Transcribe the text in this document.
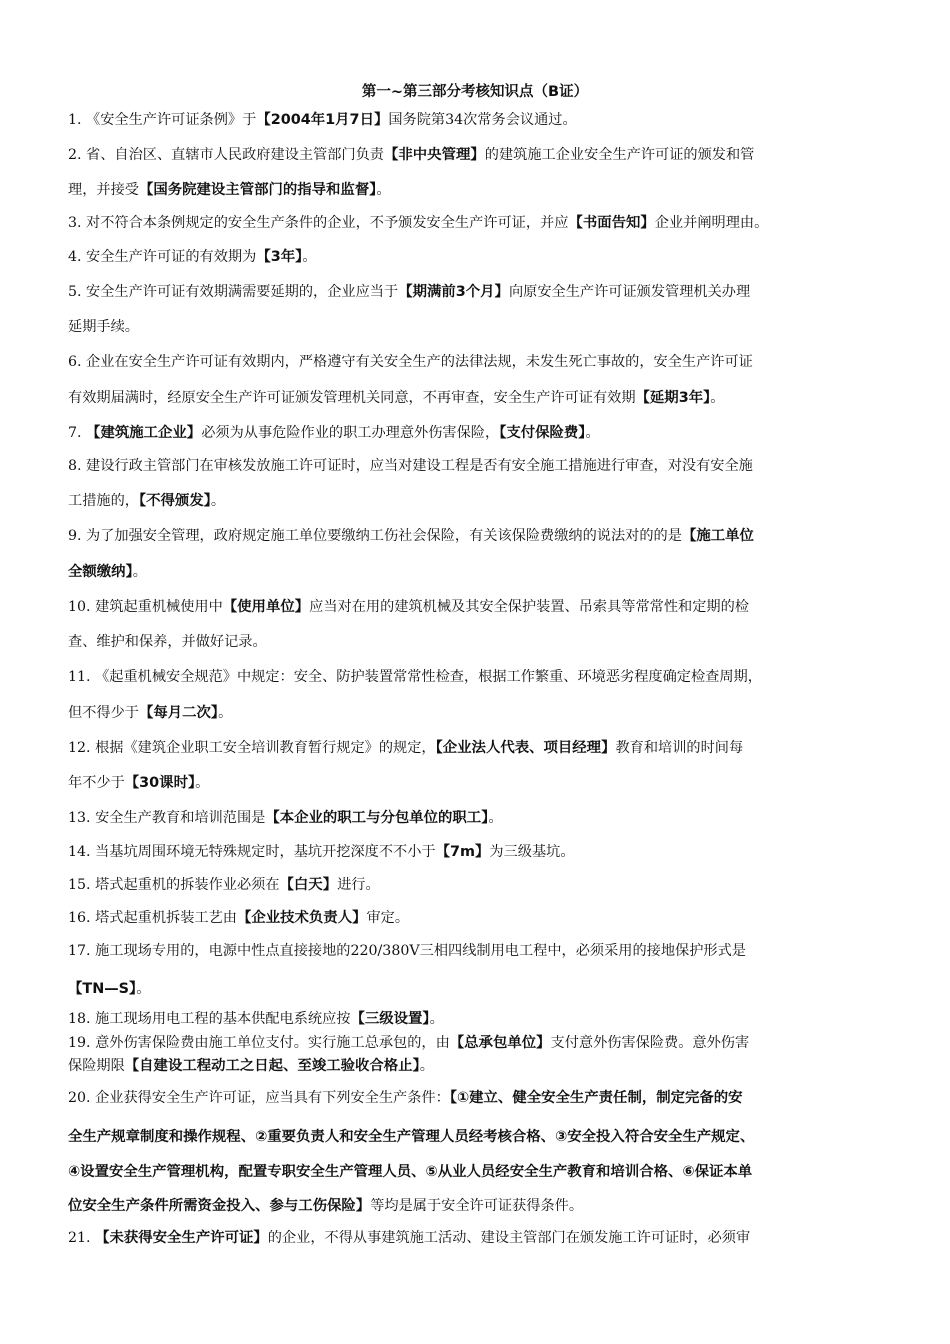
第一~第三部分考核知识点（B证）
1. 《安全生产许可证条例》于【2004年1月7日】国务院第34次常务会议通过。
2. 省、自治区、直辖市人民政府建设主管部门负责【非中央管理】的建筑施工企业安全生产许可证的颁发和管
理，并接受【国务院建设主管部门的指导和监督】。
3. 对不符合本条例规定的安全生产条件的企业，不予颁发安全生产许可证，并应【书面告知】企业并阐明理由。
4. 安全生产许可证的有效期为【3年】。
5. 安全生产许可证有效期满需要延期的，企业应当于【期满前3个月】向原安全生产许可证颁发管理机关办理
延期手续。
6. 企业在安全生产许可证有效期内，严格遵守有关安全生产的法律法规，未发生死亡事故的，安全生产许可证
有效期届满时，经原安全生产许可证颁发管理机关同意，不再审查，安全生产许可证有效期【延期3年】。
7. 【建筑施工企业】必须为从事危险作业的职工办理意外伤害保险，【支付保险费】。
8. 建设行政主管部门在审核发放施工许可证时，应当对建设工程是否有安全施工措施进行审查，对没有安全施
工措施的，【不得颁发】。
9. 为了加强安全管理，政府规定施工单位要缴纳工伤社会保险，有关该保险费缴纳的说法对的的是【施工单位
全额缴纳】。
10. 建筑起重机械使用中【使用单位】应当对在用的建筑机械及其安全保护装置、吊索具等常常性和定期的检
查、维护和保养，并做好记录。
11. 《起重机械安全规范》中规定：安全、防护装置常常性检查，根据工作繁重、环境恶劣程度确定检查周期，
但不得少于【每月二次】。
12. 根据《建筑企业职工安全培训教育暂行规定》的规定，【企业法人代表、项目经理】教育和培训的时间每
年不少于【30课时】。
13. 安全生产教育和培训范围是【本企业的职工与分包单位的职工】。
14. 当基坑周围环境无特殊规定时，基坑开挖深度不不小于【7m】为三级基坑。
15. 塔式起重机的拆装作业必须在【白天】进行。
16. 塔式起重机拆装工艺由【企业技术负责人】审定。
17. 施工现场专用的，电源中性点直接接地的220/380V三相四线制用电工程中，必须采用的接地保护形式是
【TN—S】。
18. 施工现场用电工程的基本供配电系统应按【三级设置】。
19. 意外伤害保险费由施工单位支付。实行施工总承包的，由【总承包单位】支付意外伤害保险费。意外伤害
保险期限【自建设工程动工之日起、至竣工验收合格止】。
20. 企业获得安全生产许可证，应当具有下列安全生产条件：【①建立、健全安全生产责任制，制定完备的安
全生产规章制度和操作规程、②重要负责人和安全生产管理人员经考核合格、③安全投入符合安全生产规定、
④设置安全生产管理机构，配置专职安全生产管理人员、⑤从业人员经安全生产教育和培训合格、⑥保证本单
位安全生产条件所需资金投入、参与工伤保险】等均是属于安全许可证获得条件。
21. 【未获得安全生产许可证】的企业，不得从事建筑施工活动、建设主管部门在颁发施工许可证时，必须审
